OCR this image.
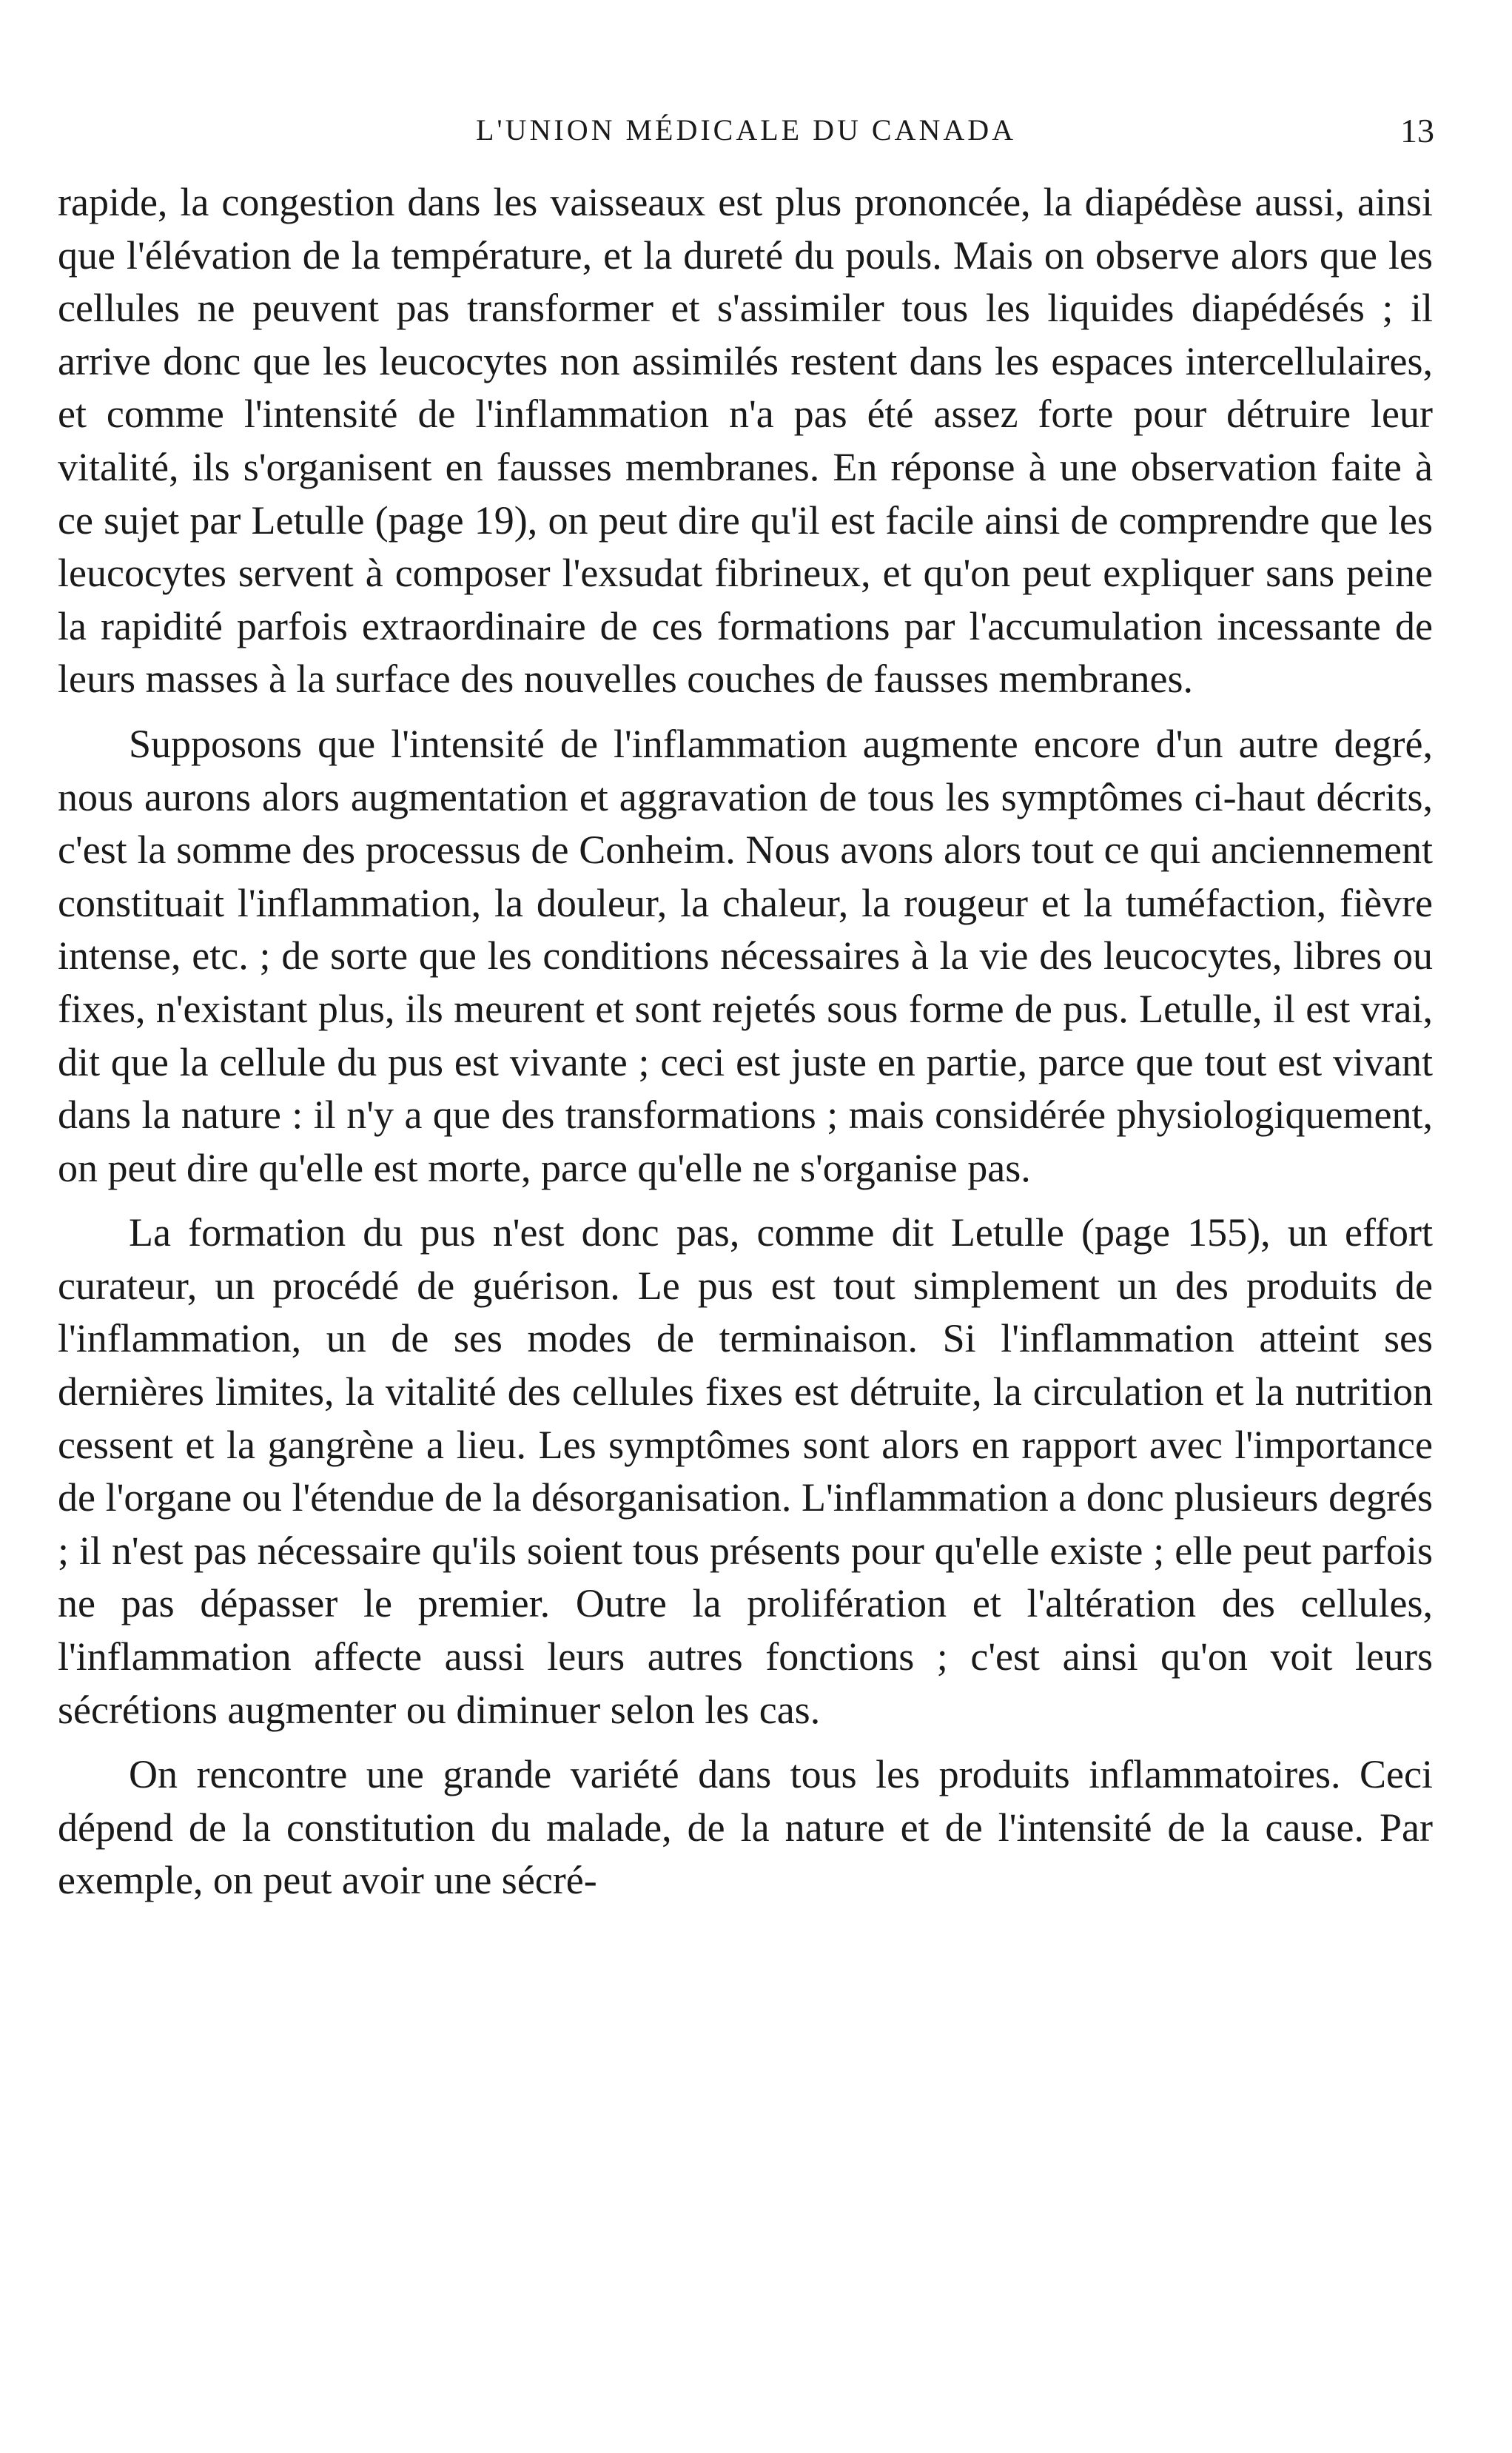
L'UNION MÉDICALE DU CANADA	13

rapide, la congestion dans les vaisseaux est plus prononcée, la diapédèse aussi, ainsi que l'élévation de la température, et la dureté du pouls. Mais on observe alors que les cellules ne peuvent pas transformer et s'assimiler tous les liquides diapédésés ; il arrive donc que les leucocytes non assimilés restent dans les espaces intercellulaires, et comme l'intensité de l'inflammation n'a pas été assez forte pour détruire leur vitalité, ils s'organisent en fausses membranes. En réponse à une observation faite à ce sujet par Letulle (page 19), on peut dire qu'il est facile ainsi de comprendre que les leucocytes servent à composer l'exsudat fibrineux, et qu'on peut expliquer sans peine la rapidité parfois extraordinaire de ces formations par l'accumulation incessante de leurs masses à la surface des nouvelles couches de fausses membranes.

Supposons que l'intensité de l'inflammation augmente encore d'un autre degré, nous aurons alors augmentation et aggravation de tous les symptômes ci-haut décrits, c'est la somme des processus de Conheim. Nous avons alors tout ce qui anciennement constituait l'inflammation, la douleur, la chaleur, la rougeur et la tuméfaction, fièvre intense, etc. ; de sorte que les conditions nécessaires à la vie des leucocytes, libres ou fixes, n'existant plus, ils meurent et sont rejetés sous forme de pus. Letulle, il est vrai, dit que la cellule du pus est vivante ; ceci est juste en partie, parce que tout est vivant dans la nature : il n'y a que des transformations ; mais considérée physiologiquement, on peut dire qu'elle est morte, parce qu'elle ne s'organise pas.

La formation du pus n'est donc pas, comme dit Letulle (page 155), un effort curateur, un procédé de guérison. Le pus est tout simplement un des produits de l'inflammation, un de ses modes de terminaison. Si l'inflammation atteint ses dernières limites, la vitalité des cellules fixes est détruite, la circulation et la nutrition cessent et la gangrène a lieu. Les symptômes sont alors en rapport avec l'importance de l'organe ou l'étendue de la désorganisation. L'inflammation a donc plusieurs degrés ; il n'est pas nécessaire qu'ils soient tous présents pour qu'elle existe ; elle peut parfois ne pas dépasser le premier. Outre la prolifération et l'altération des cellules, l'inflammation affecte aussi leurs autres fonctions ; c'est ainsi qu'on voit leurs sécrétions augmenter ou diminuer selon les cas.

On rencontre une grande variété dans tous les produits inflammatoires. Ceci dépend de la constitution du malade, de la nature et de l'intensité de la cause. Par exemple, on peut avoir une sécré-
